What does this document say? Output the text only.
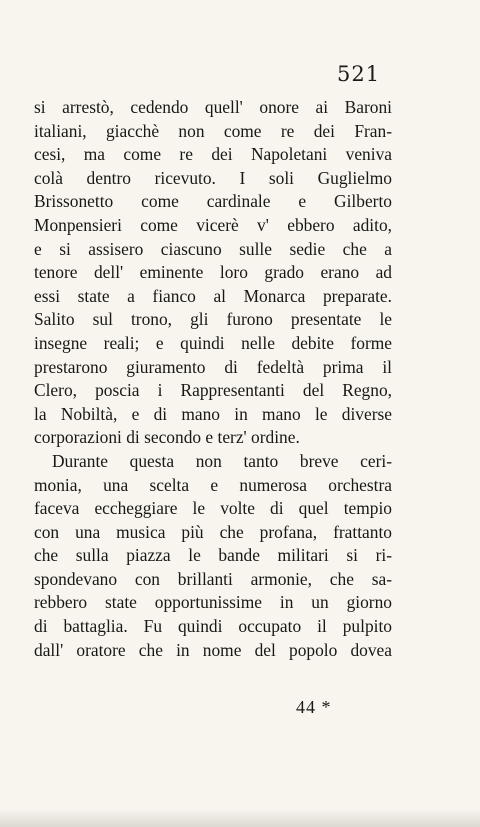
521
si arrestò, cedendo quell' onore ai Baroni
italiani, giacchè non come re dei Fran-
cesi, ma come re dei Napoletani veniva
colà dentro ricevuto. I soli Guglielmo
Brissonetto come cardinale e Gilberto
Monpensieri come vicerè v' ebbero adito,
e si assisero ciascuno sulle sedie che a
tenore dell' eminente loro grado erano ad
essi state a fianco al Monarca preparate.
Salito sul trono, gli furono presentate le
insegne reali; e quindi nelle debite forme
prestarono giuramento di fedeltà prima il
Clero, poscia i Rappresentanti del Regno,
la Nobiltà, e di mano in mano le diverse
corporazioni di secondo e terz' ordine.
Durante questa non tanto breve ceri-
monia, una scelta e numerosa orchestra
faceva eccheggiare le volte di quel tempio
con una musica più che profana, frattanto
che sulla piazza le bande militari si ri-
spondevano con brillanti armonie, che sa-
rebbero state opportunissime in un giorno
di battaglia. Fu quindi occupato il pulpito
dall' oratore che in nome del popolo dovea
44 *
